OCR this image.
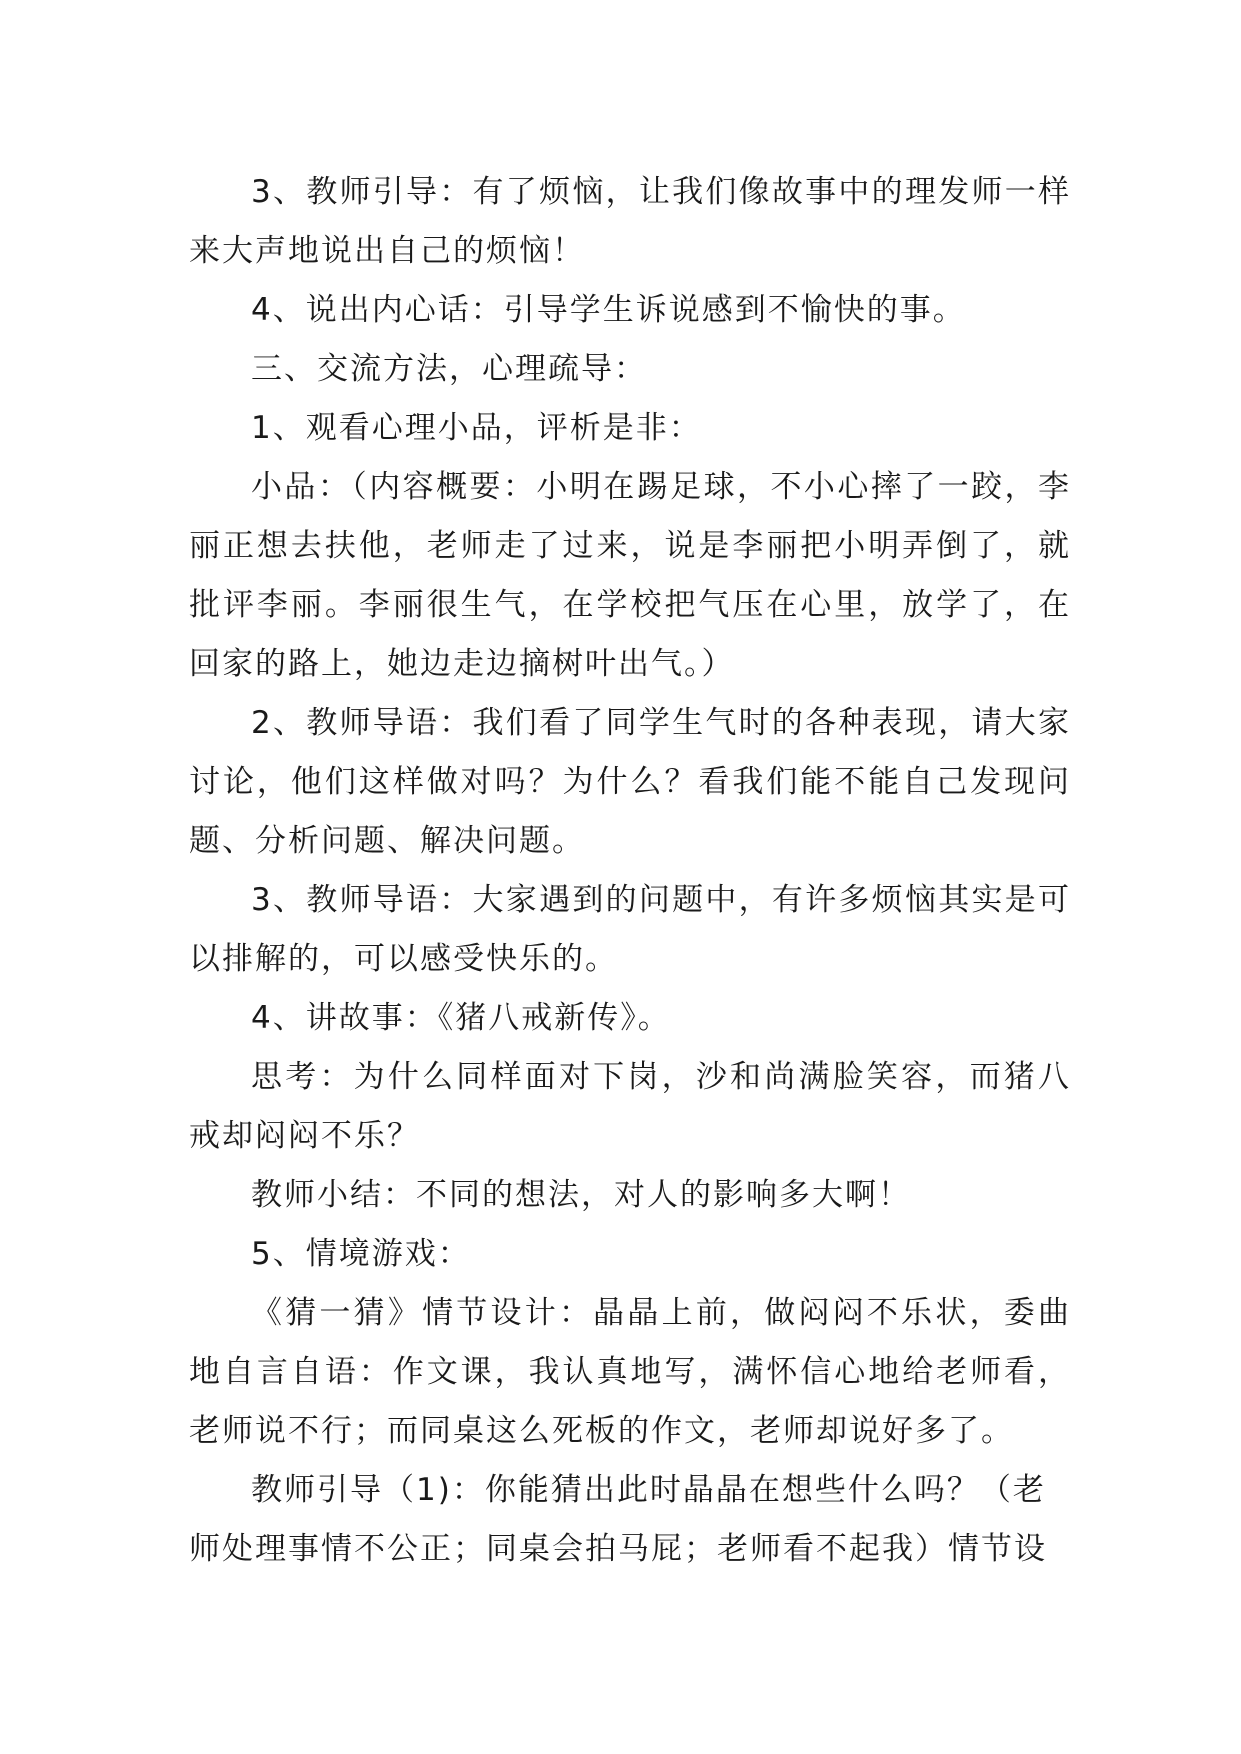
3、教师引导：有了烦恼，让我们像故事中的理发师一样来大声地说出自己的烦恼！

4、说出内心话：引导学生诉说感到不愉快的事。

三、交流方法，心理疏导：

1、观看心理小品，评析是非：

小品：（内容概要：小明在踢足球，不小心摔了一跤，李丽正想去扶他，老师走了过来，说是李丽把小明弄倒了，就批评李丽。李丽很生气，在学校把气压在心里，放学了，在回家的路上，她边走边摘树叶出气。）

2、教师导语：我们看了同学生气时的各种表现，请大家讨论，他们这样做对吗？为什么？看我们能不能自己发现问题、分析问题、解决问题。

3、教师导语：大家遇到的问题中，有许多烦恼其实是可以排解的，可以感受快乐的。

4、讲故事：《猪八戒新传》。

思考：为什么同样面对下岗，沙和尚满脸笑容，而猪八戒却闷闷不乐？

教师小结：不同的想法，对人的影响多大啊！

5、情境游戏：

《猜一猜》情节设计：晶晶上前，做闷闷不乐状，委曲地自言自语：作文课，我认真地写，满怀信心地给老师看，老师说不行；而同桌这么死板的作文，老师却说好多了。

教师引导（1)：你能猜出此时晶晶在想些什么吗？（老师处理事情不公正；同桌会拍马屁；老师看不起我）情节设
